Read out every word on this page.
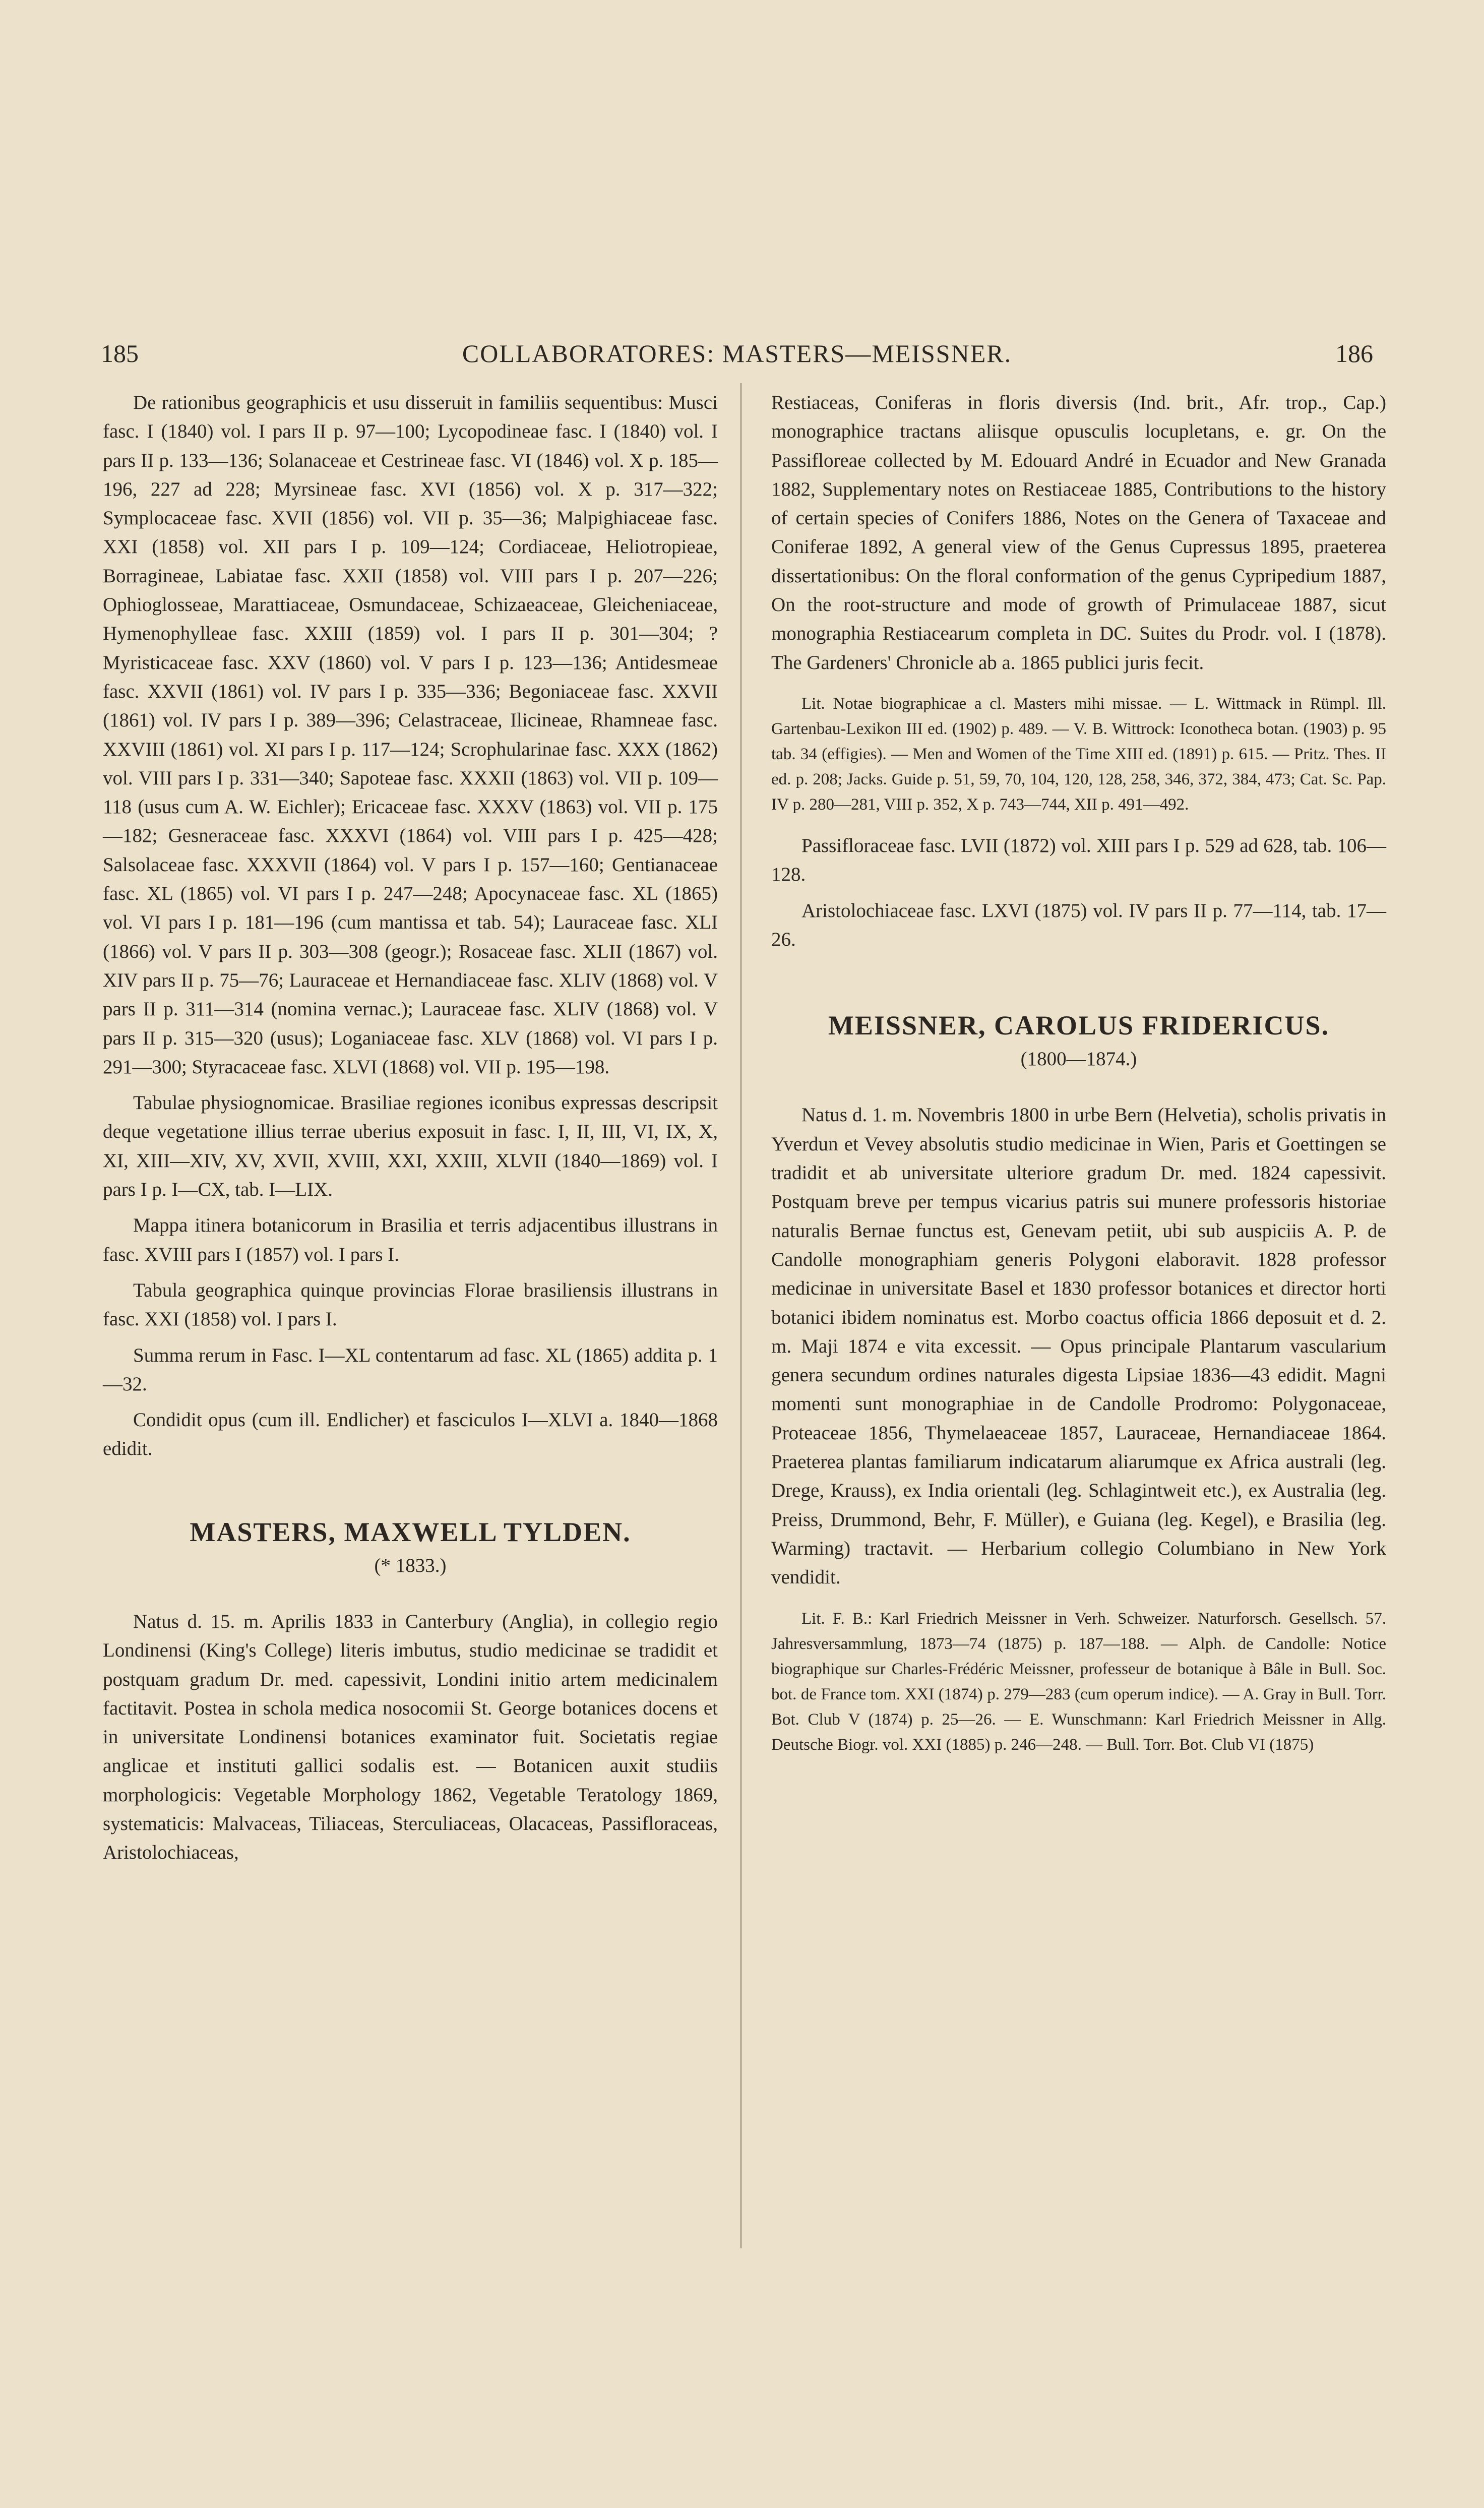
185	COLLABORATORES: MASTERS—MEISSNER.	186

De rationibus geographicis et usu disseruit in familiis sequentibus: Musci fasc. I (1840) vol. I pars II p. 97—100; Lycopodineae fasc. I (1840) vol. I pars II p. 133—136; Solanaceae et Cestrineae fasc. VI (1846) vol. X p. 185—196, 227 ad 228; Myrsineae fasc. XVI (1856) vol. X p. 317—322; Symplocaceae fasc. XVII (1856) vol. VII p. 35—36; Malpighiaceae fasc. XXI (1858) vol. XII pars I p. 109—124; Cordiaceae, Heliotropieae, Borragineae, Labiatae fasc. XXII (1858) vol. VIII pars I p. 207—226; Ophioglosseae, Marattiaceae, Osmundaceae, Schizaeaceae, Gleicheniaceae, Hymenophylleae fasc. XXIII (1859) vol. I pars II p. 301—304; ? Myristicaceae fasc. XXV (1860) vol. V pars I p. 123—136; Antidesmeae fasc. XXVII (1861) vol. IV pars I p. 335—336; Begoniaceae fasc. XXVII (1861) vol. IV pars I p. 389—396; Celastraceae, Ilicineae, Rhamneae fasc. XXVIII (1861) vol. XI pars I p. 117—124; Scrophularinae fasc. XXX (1862) vol. VIII pars I p. 331—340; Sapoteae fasc. XXXII (1863) vol. VII p. 109—118 (usus cum A. W. Eichler); Ericaceae fasc. XXXV (1863) vol. VII p. 175—182; Gesneraceae fasc. XXXVI (1864) vol. VIII pars I p. 425—428; Salsolaceae fasc. XXXVII (1864) vol. V pars I p. 157—160; Gentianaceae fasc. XL (1865) vol. VI pars I p. 247—248; Apocynaceae fasc. XL (1865) vol. VI pars I p. 181—196 (cum mantissa et tab. 54); Lauraceae fasc. XLI (1866) vol. V pars II p. 303—308 (geogr.); Rosaceae fasc. XLII (1867) vol. XIV pars II p. 75—76; Lauraceae et Hernandiaceae fasc. XLIV (1868) vol. V pars II p. 311—314 (nomina vernac.); Lauraceae fasc. XLIV (1868) vol. V pars II p. 315—320 (usus); Loganiaceae fasc. XLV (1868) vol. VI pars I p. 291—300; Styracaceae fasc. XLVI (1868) vol. VII p. 195—198.

Tabulae physiognomicae. Brasiliae regiones iconibus expressas descripsit deque vegetatione illius terrae uberius exposuit in fasc. I, II, III, VI, IX, X, XI, XIII—XIV, XV, XVII, XVIII, XXI, XXIII, XLVII (1840—1869) vol. I pars I p. I—CX, tab. I—LIX.

Mappa itinera botanicorum in Brasilia et terris adjacentibus illustrans in fasc. XVIII pars I (1857) vol. I pars I.

Tabula geographica quinque provincias Florae brasiliensis illustrans in fasc. XXI (1858) vol. I pars I.

Summa rerum in Fasc. I—XL contentarum ad fasc. XL (1865) addita p. 1—32.

Condidit opus (cum ill. Endlicher) et fasciculos I—XLVI a. 1840—1868 edidit.

MASTERS, MAXWELL TYLDEN.
(* 1833.)

Natus d. 15. m. Aprilis 1833 in Canterbury (Anglia), in collegio regio Londinensi (King's College) literis imbutus, studio medicinae se tradidit et postquam gradum Dr. med. capessivit, Londini initio artem medicinalem factitavit. Postea in schola medica nosocomii St. George botanices docens et in universitate Londinensi botanices examinator fuit. Societatis regiae anglicae et instituti gallici sodalis est. — Botanicen auxit studiis morphologicis: Vegetable Morphology 1862, Vegetable Teratology 1869, systematicis: Malvaceas, Tiliaceas, Sterculiaceas, Olacaceas, Passifloraceas, Aristolochiaceas,

Restiaceas, Coniferas in floris diversis (Ind. brit., Afr. trop., Cap.) monographice tractans aliisque opusculis locupletans, e. gr. On the Passifloreae collected by M. Edouard André in Ecuador and New Granada 1882, Supplementary notes on Restiaceae 1885, Contributions to the history of certain species of Conifers 1886, Notes on the Genera of Taxaceae and Coniferae 1892, A general view of the Genus Cupressus 1895, praeterea dissertationibus: On the floral conformation of the genus Cypripedium 1887, On the root-structure and mode of growth of Primulaceae 1887, sicut monographia Restiacearum completa in DC. Suites du Prodr. vol. I (1878). The Gardeners' Chronicle ab a. 1865 publici juris fecit.

Lit. Notae biographicae a cl. Masters mihi missae. — L. Wittmack in Rümpl. Ill. Gartenbau-Lexikon III ed. (1902) p. 489. — V. B. Wittrock: Iconotheca botan. (1903) p. 95 tab. 34 (effigies). — Men and Women of the Time XIII ed. (1891) p. 615. — Pritz. Thes. II ed. p. 208; Jacks. Guide p. 51, 59, 70, 104, 120, 128, 258, 346, 372, 384, 473; Cat. Sc. Pap. IV p. 280—281, VIII p. 352, X p. 743—744, XII p. 491—492.

Passifloraceae fasc. LVII (1872) vol. XIII pars I p. 529 ad 628, tab. 106—128.

Aristolochiaceae fasc. LXVI (1875) vol. IV pars II p. 77—114, tab. 17—26.

MEISSNER, CAROLUS FRIDERICUS.
(1800—1874.)

Natus d. 1. m. Novembris 1800 in urbe Bern (Helvetia), scholis privatis in Yverdun et Vevey absolutis studio medicinae in Wien, Paris et Goettingen se tradidit et ab universitate ulteriore gradum Dr. med. 1824 capessivit. Postquam breve per tempus vicarius patris sui munere professoris historiae naturalis Bernae functus est, Genevam petiit, ubi sub auspiciis A. P. de Candolle monographiam generis Polygoni elaboravit. 1828 professor medicinae in universitate Basel et 1830 professor botanices et director horti botanici ibidem nominatus est. Morbo coactus officia 1866 deposuit et d. 2. m. Maji 1874 e vita excessit. — Opus principale Plantarum vascularium genera secundum ordines naturales digesta Lipsiae 1836—43 edidit. Magni momenti sunt monographiae in de Candolle Prodromo: Polygonaceae, Proteaceae 1856, Thymelaeaceae 1857, Lauraceae, Hernandiaceae 1864. Praeterea plantas familiarum indicatarum aliarumque ex Africa australi (leg. Drege, Krauss), ex India orientali (leg. Schlagintweit etc.), ex Australia (leg. Preiss, Drummond, Behr, F. Müller), e Guiana (leg. Kegel), e Brasilia (leg. Warming) tractavit. — Herbarium collegio Columbiano in New York vendidit.

Lit. F. B.: Karl Friedrich Meissner in Verh. Schweizer. Naturforsch. Gesellsch. 57. Jahresversammlung, 1873—74 (1875) p. 187—188. — Alph. de Candolle: Notice biographique sur Charles-Frédéric Meissner, professeur de botanique à Bâle in Bull. Soc. bot. de France tom. XXI (1874) p. 279—283 (cum operum indice). — A. Gray in Bull. Torr. Bot. Club V (1874) p. 25—26. — E. Wunschmann: Karl Friedrich Meissner in Allg. Deutsche Biogr. vol. XXI (1885) p. 246—248. — Bull. Torr. Bot. Club VI (1875)
